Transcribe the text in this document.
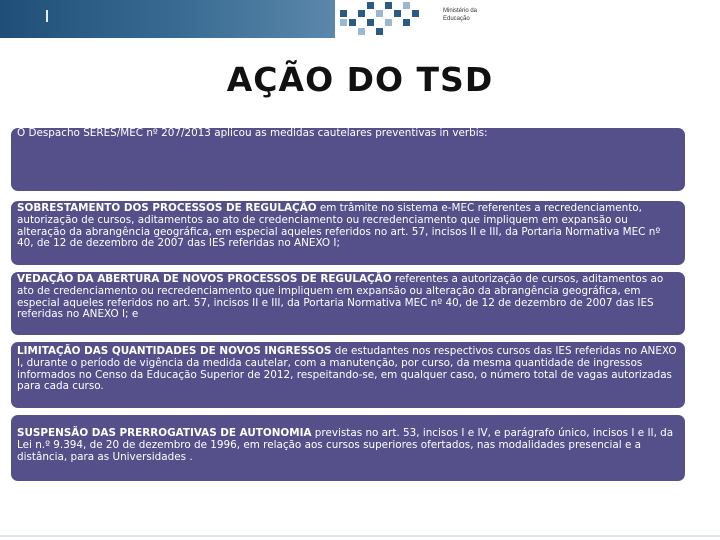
Ministério da
Educação
AÇÃO DO TSD

O Despacho SERES/MEC nº 207/2013 aplicou as medidas cautelares preventivas in verbis:

SOBRESTAMENTO DOS PROCESSOS DE REGULAÇÃO em trâmite no sistema e-MEC referentes a recredenciamento, autorização de cursos, aditamentos ao ato de credenciamento ou recredenciamento que impliquem em expansão ou alteração da abrangência geográfica, em especial aqueles referidos no art. 57, incisos II e III, da Portaria Normativa MEC nº 40, de 12 de dezembro de 2007 das IES referidas no ANEXO I;

VEDAÇÃO DA ABERTURA DE NOVOS PROCESSOS DE REGULAÇÃO referentes a autorização de cursos, aditamentos ao ato de credenciamento ou recredenciamento que impliquem em expansão ou alteração da abrangência geográfica, em especial aqueles referidos no art. 57, incisos II e III, da Portaria Normativa MEC nº 40, de 12 de dezembro de 2007 das IES referidas no ANEXO I; e

LIMITAÇÃO DAS QUANTIDADES DE NOVOS INGRESSOS de estudantes nos respectivos cursos das IES referidas no ANEXO I, durante o período de vigência da medida cautelar, com a manutenção, por curso, da mesma quantidade de ingressos informados no Censo da Educação Superior de 2012, respeitando-se, em qualquer caso, o número total de vagas autorizadas para cada curso.

SUSPENSÃO DAS PRERROGATIVAS DE AUTONOMIA previstas no art. 53, incisos I e IV, e parágrafo único, incisos I e II, da Lei n.º 9.394, de 20 de dezembro de 1996, em relação aos cursos superiores ofertados, nas modalidades presencial e a distância, para as Universidades .
